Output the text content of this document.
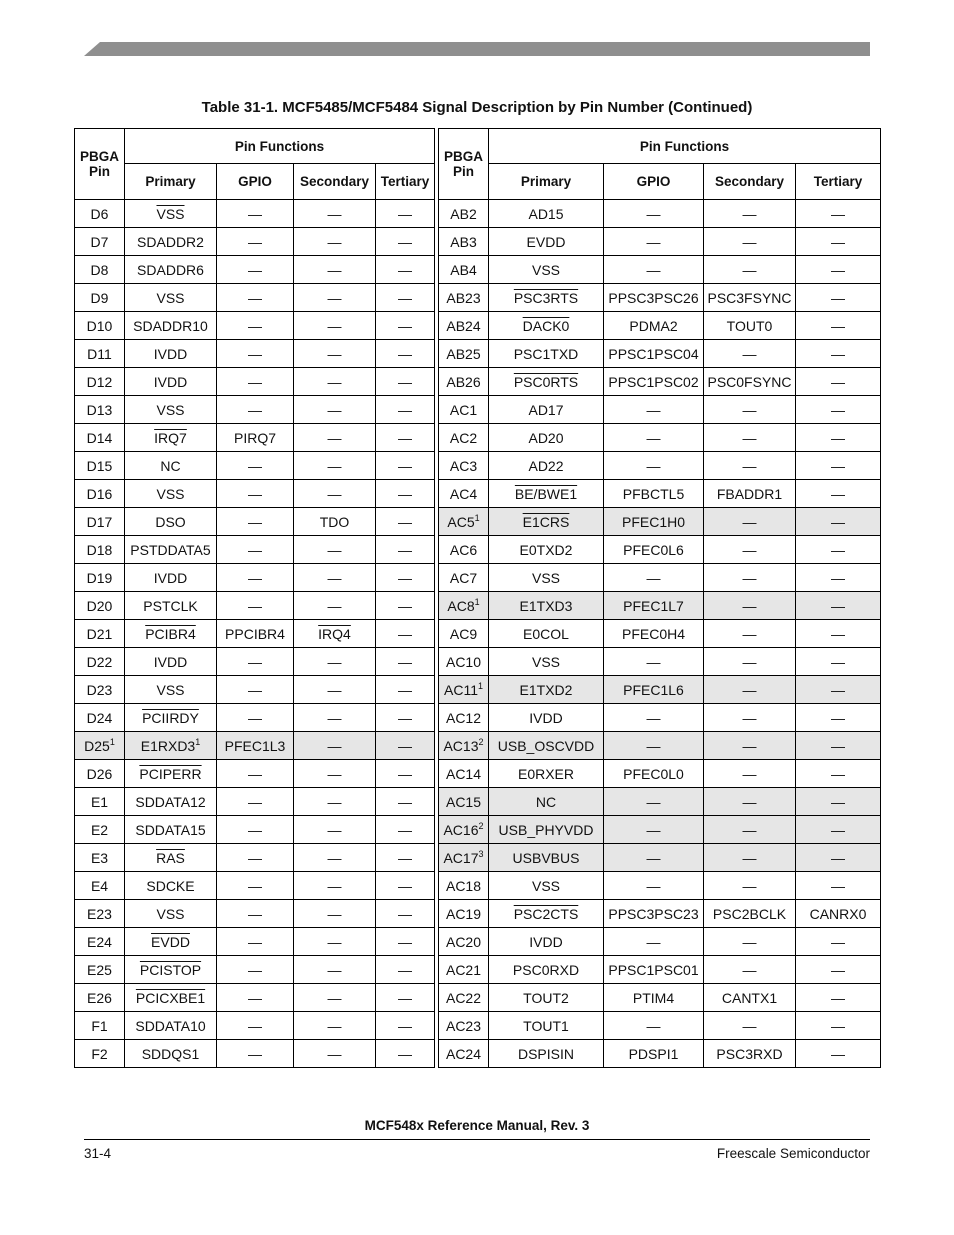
Table 31-1. MCF5485/MCF5484 Signal Description by Pin Number (Continued)
PBGA Pin	Pin Functions					PBGA Pin	Pin Functions			
	Primary	GPIO	Secondary	Tertiary			Primary	GPIO	Secondary	Tertiary
D6	$\overline{VSS}$	—	—	—		AB2	AD15	—	—	—
D7	SDADDR2	—	—	—		AB3	EVDD	—	—	—
D8	SDADDR6	—	—	—		AB4	VSS	—	—	—
D9	VSS	—	—	—		AB23	PSC3RTS	PPSC3PSC26	PSC3FSYNC	—
D10	SDADDR10	—	—	—		AB24	DACK0	PDMA2	TOUT0	—
D11	IVDD	—	—	—		AB25	PSC1TXD	PPSC1PSC04	—	—
D12	IVDD	—	—	—		AB26	PSC0RTS	PPSC1PSC02	PSC0FSYNC	—
D13	VSS	—	—	—		AC1	AD17	—	—	—
D14	IRQ7	PIRQ7	—	—		AC2	AD20	—	—	—
D15	NC	—	—	—		AC3	AD22	—	—	—
D16	VSS	—	—	—		AC4	BE/BWE1	PFBCTL5	FBADDR1	—
D17	DSO	—	TDO	—		$AC5^1$	E1CRS	PFEC1H0	—	—
D18	PSTDDATA5	—	—	—		AC6	E0TXD2	PFEC0L6	—	—
D19	IVDD	—	—	—		AC7	VSS	—	—	—
D20	PSTCLK	—	—	—		$AC8^1$	E1TXD3	PFEC1L7	—	—
D21	PCIBR4	PPCIBR4	IRQ4	—		AC9	E0COL	PFEC0H4	—	—
D22	IVDD	—	—	—		AC10	VSS	—	—	—
D23	VSS	—	—	—		$AC11^1$	E1TXD2	PFEC1L6	—	—
D24	PCIIRDY	—	—	—		AC12	IVDD	—	—	—
$D25^1$	$E1RXD3^1$	PFEC1L3	—	—		$AC13^2$	USB_OSCVDD	—	—	—
D26	PCIPERR	—	—	—		AC14	E0RXER	PFEC0L0	—	—
E1	SDDATA12	—	—	—		AC15	NC	—	—	—
E2	SDDATA15	—	—	—		$AC16^2$	USB_PHYVDD	—	—	—
E3	$\overline{RAS}$	—	—	—		$AC17^3$	USBVBUS	—	—	—
E4	SDCKE	—	—	—		AC18	VSS	—	—	—
E23	VSS	—	—	—		AC19	PSC2CTS	PPSC3PSC23	PSC2BCLK	CANRX0
E24	EVDD	—	—	—		AC20	IVDD	—	—	—
E25	PCISTOP	—	—	—		AC21	PSC0RXD	PPSC1PSC01	—	—
E26	PCICXBE1	—	—	—		AC22	TOUT2	PTIM4	CANTX1	—
F1	SDDATA10	—	—	—		AC23	TOUT1	—	—	—
F2	SDDQS1	—	—	—		AC24	DSPISIN	PDSPI1	PSC3RXD	—
MCF548x Reference Manual, Rev. 3
31-4	Freescale Semiconductor
